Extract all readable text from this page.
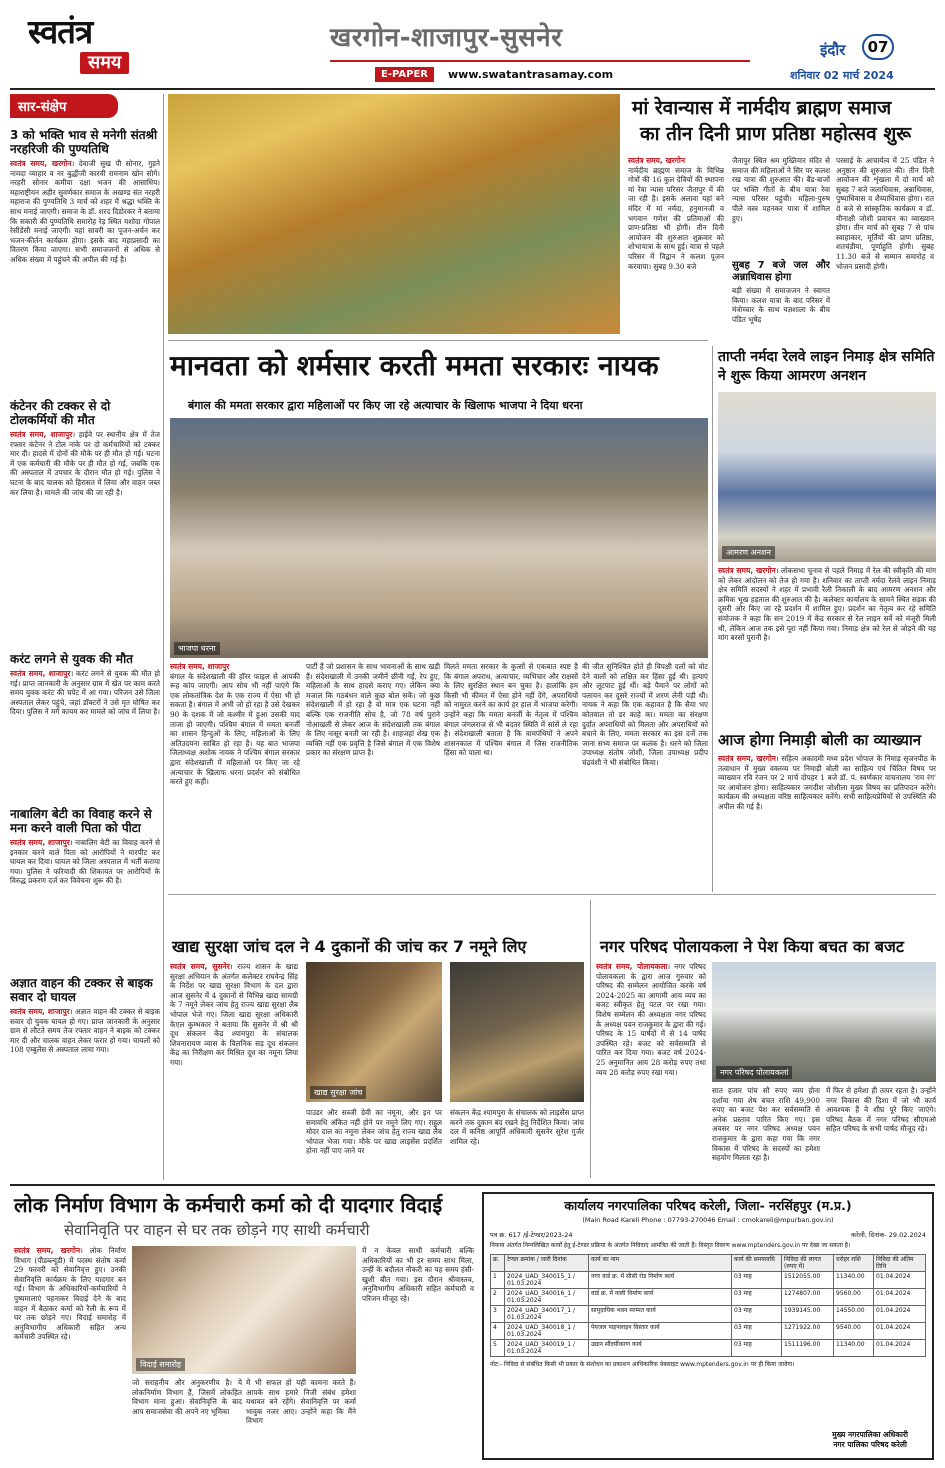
स्वतंत्र
समय
खरगोन-शाजापुर-सुसनेर
E-PAPER	www.swatantrasamay.com
इंदौर	07
शनिवार 02 मार्च 2024
सार-संक्षेप
3 को भक्ति भाव से मनेगी संतश्री नरहरिजी की पुण्यतिथि
स्वतंत्र समय, खरगोन। देवाजी सुख पी सोनार, गुड़ने नामदा व्याहार व नर बुद्धीजी कारवी रामनाम खोन सोगे। नरहरी सोनार कमीया दक्षा भजन की आसाधिय। महाराष्ट्रीयन अहीर सुवर्णकार समाज के अखण्ड संत नरहरी महाराज की पुण्यतिथि 3 मार्च को शहर में श्रद्धा भक्ति के साथ मनाई जाएगी। समाज के डॉ. शरद दिडोरकर ने बताया कि सकारी की पुण्यतिथि समारोह रेड़ स्थित यशोदा गोपाल रेसीडेंसी मनाई जाएगी। यहां सावरी का पूजन-अर्चन कर भजन-कीर्तन कार्यक्रम होगा। इसके बाद महाप्रसादी का वितरण किया जाएगा। सभी समाजजनों से अधिक से अधिक संख्या में पहुंचने की अपील की गई है।
कंटेनर की टक्कर से दो टोलकर्मियों की मौत
स्वतंत्र समय, शाजापुर। हाईवे पर स्थानीय क्षेत्र में तेज रफ्तार कंटेनर ने टोल नाके पर दो कर्मचारियों को टक्कर मार दी। हादसे में दोनों की मौके पर ही मौत हो गई। घटना में एक कर्मचारी की मौके पर ही मौत हो गई, जबकि एक की अस्पताल में उपचार के दौरान मौत हो गई। पुलिस ने घटना के बाद चालक को हिरासत में लिया और वाहन जब्त कर लिया है। मामले की जांच की जा रही है।
करंट लगने से युवक की मौत
स्वतंत्र समय, शाजापुर। करंट लगने से युवक की मौत हो गई। प्राप्त जानकारी के अनुसार ग्राम में खेत पर काम करते समय युवक करंट की चपेट में आ गया। परिजन उसे जिला अस्पताल लेकर पहुंचे, जहां डॉक्टरों ने उसे मृत घोषित कर दिया। पुलिस ने मर्ग कायम कर मामले को जांच में लिया है।
नाबालिग बेटी का विवाह करने से मना करने वाली पिता को पीटा
स्वतंत्र समय, शाजापुर। नाबालिग बेटी का विवाह करने से इनकार करने वाले पिता को आरोपियों ने मारपीट कर घायल कर दिया। घायल को जिला अस्पताल में भर्ती कराया गया। पुलिस ने फरियादी की शिकायत पर आरोपियों के विरुद्ध प्रकरण दर्ज कर विवेचना शुरू की है।
अज्ञात वाहन की टक्कर से बाइक सवार दो घायल
स्वतंत्र समय, शाजापुर। अज्ञात वाहन की टक्कर से बाइक सवार दो युवक घायल हो गए। प्राप्त जानकारी के अनुसार ग्राम से लौटते समय तेज रफ्तार वाहन ने बाइक को टक्कर मार दी और चालक वाहन लेकर फरार हो गया। घायलों को 108 एम्बुलेंस से अस्पताल लाया गया।
मां रेवान्यास में नार्मदीय ब्राह्मण समाज
का तीन दिनी प्राण प्रतिष्ठा महोत्सव शुरू
स्वतंत्र समय, खरगोन
नार्मदीय ब्राह्मण समाज के विभिन्न गोत्रों की 16 कुल देवियों की स्थापना मां रेवा न्यास परिसर जैतापुर में की जा रही है। इसके अलावा यहां बने मंदिर में मां नर्मदा, हनुमानजी व भगवान गणेश की प्रतिमाओं की प्राण-प्रतिष्ठा भी होगी। तीन दिनी आयोजन की शुरुआत शुक्रवार को शोभायात्रा के साथ हुई। यात्रा से पहले परिसर में विद्वान ने कलश पूजन करवाया। सुबह 9.30 बजे
जैतापुर स्थित श्रम मुख्तियार मंदिर से समाज की महिलाओं ने सिर पर कलश रख यात्रा की शुरुआत की। बैंड-बाजों पर भक्ति गीतों के बीच यात्रा रेवा न्यास परिसर पहुंची। महिला-पुरुष पीले वस्त्र पहनकर यात्रा में शामिल हुए।
सुबह 7 बजे जल और अन्नाधिवास होगा
बड़ी संख्या में समाजजन ने स्वागत किया। कलश यात्रा के बाद परिसर में मंत्रोच्चार के साथ यज्ञशाला के बीच पंडित भूषेंद्र
परसाई के आचार्यत्व में 25 पंडित ने अनुष्ठान की शुरुआत की। तीन दिनी आयोजन की शृंखला में दो मार्च को सुबह 7 बजे जलाधिवास, अन्नाधिवास, पुष्पाधिवास व शैय्याधिवास होगा। रात 8 बजे से सांस्कृतिक कार्यक्रम व डॉ. मीनाक्षी जोशी प्रवाचन का व्याख्यान होगा। तीन मार्च को सुबह 7 से पांच स्वाहाकार, मूर्तियों की प्राण प्रतिष्ठा, शतचंडीया, पूर्णाहुति होगी। सुबह 11.30 बजे से सम्मान समारोह व भोजन प्रसादी होगी।
मानवता को शर्मसार करती ममता सरकारः नायक
बंगाल की ममता सरकार द्वारा महिलाओं पर किए जा रहे अत्याचार के खिलाफ भाजपा ने दिया धरना
भाजपा धरना
स्वतंत्र समय, शाजापुर
बंगाल के संदेशखाली की हॉरर फाइल से आपकी रूह कांप जाएगी। आप सोच भी नहीं पाएंगे कि एक लोकतांत्रिक देश के एक राज्य में ऐसा भी हो सकता है। बंगाल में अभी जो हो रहा है उसे देखकर 90 के दशक में जो कश्मीर में हुआ उसकी याद ताजा हो जाएगी। पश्चिम बंगाल में ममता बनर्जी का शासन हिन्दुओं के लिए, महिलाओं के लिए अतिउदयना साबित हो रहा है। यह बात भाजपा जिलाध्यक्ष अशोक नायक ने पश्चिम बंगाल सरकार द्वारा संदेशखाली में महिलाओं पर किए जा रहे अत्याचार के खिलाफ धरना प्रदर्शन को संबोधित करते हुए कही।
पार्टी हैं जो प्रशासन के साथ भावनाओं के साथ खड़ी हैं। संदेशखाली में उनकी जमीनें छीनी गईं, रेप हुए, महिलाओं के साथ हादसे कराए गए। लेकिन क्या मजाल कि गठबंधन वाले कुछ बोल सकें। जो कुछ संदेशखाली में हो रहा है वो मात्र एक घटना नहीं बल्कि एक राजनीति सोच है, जो 78 वर्ष पुराने नोआखली से लेकर आज के संदेशखाली तक बंगाल के लिए नासूर बनती जा रही है। शाहजहां शेख एक व्यक्ति नहीं एक प्रवृत्ति है जिसे बंगाल में एक विशेष प्रकार का संरक्षण प्राप्त है।
मिलते ममता सरकार के कुत्सों से एकबात स्पष्ट है कि बंगाल अपराध, अत्याचार, व्यभिचार और राक्षसों के लिए सुरक्षित स्थान बन चुका है। हालांकि हम किसी भी कीमत में ऐसा होने नहीं देंगे, अपराधियों को नामुरत करने का कार्य हर हाल में भाजपा करेगी। उन्होंने कहा कि ममता बनर्जी के नेतृत्व में पश्चिम बंगाल जंगलराज से भी बदतर स्थिति में सांसें ले रहा है। संदेशखाली बताता है कि वामपंथियों ने अपने शासनकाल में पश्चिम बंगाल में जिस राजनीतिक हिंसा को पाला था।
की जीत सुनिश्चित होते ही विपक्षी दलों को वोट देने वालों को लक्षित कर हिंसा हुई थी। हत्याएं और लूटपाट हुई थीं। बड़े पैमाने पर लोगों को पलायन कर दूसरे राज्यों में शरण लेनी पड़ी थी। नायक ने कहा कि एक कहावत है कि सैया भए कोतवाल तो डर काहे का। ममता का संरक्षण दुर्दांत अपराधियों को मिलता और अपराधियों को बचाने के लिए, ममता सरकार का इस दर्जे तक जाना सभ्य समाज पर कलंक है। धरने को जिला उपाध्यक्ष संतोष जोशी, जिला उपाध्यक्ष प्रदीप चंद्रवंशी ने भी संबोधित किया।
ताप्ती नर्मदा रेलवे लाइन निमाड़ क्षेत्र समिति ने शुरू किया आमरण अनशन
आमरण अनशन
स्वतंत्र समय, खरगोन। लोकसभा चुनाव से पहले निमाड़ में रेल की स्वीकृति की मांग को लेकर आंदोलन को तेज हो गया है। शनिवार का ताप्ती नर्मदा रेलवे लाइन निमाड़ क्षेत्र समिति सदस्यों ने शहर में प्रभावी रैली निकाली के बाद आमरण अनशन और क्रमिक भूख हड़ताल की शुरुआत की है। कलेक्टर कार्यालय के सामने स्थित सड़क की दूसरी ओर किए जा रहे प्रदर्शन में शामिल हुए। प्रदर्शन का नेतृत्व कर रहे समिति संयोजक ने कहा कि सन 2019 में केंद्र सरकार से रेल लाइन सर्वे को मंजूरी मिली थी, लेकिन आज तक इसे पूरा नहीं किया गया। निमाड़ क्षेत्र को रेल से जोड़ने की यह मांग बरसों पुरानी है।
आज होगा निमाड़ी बोली का व्याख्यान
स्वतंत्र समय, खरगोन। सहित्य अकादमी मध्य प्रदेश भोपाल के निमाड़ सृजनपीठ के तत्वाधान में मुख्य वक्तव्य पर निमाड़ी बोली का साहित्य एवं चिंतित विषय पर व्याख्यान रवि रंजन पर 2 मार्च दोपहर 1 बजे डॉ. पं. स्वर्णकार वाचनालय 'राम रंग' पर आयोजन होगा। साहित्यकार जगदीश जोशीला मुख्य विषय का प्रतिपादन करेंगे। कार्यक्रम की अध्यक्षता वरिष्ठ साहित्यकार करेंगे। सभी साहित्यप्रेमियों से उपस्थिति की अपील की गई है।
खाद्य सुरक्षा जांच दल ने 4 दुकानों की जांच कर 7 नमूने लिए
स्वतंत्र समय, सुसनेर। राज्य शासन के खाद्य सुरक्षा अभियान के अंतर्गत कलेक्टर राघवेन्द्र सिंह के निर्देश पर खाद्य सुरक्षा विभाग के दल द्वारा आज सुसनेर में 4 दुकानों से विभिन्न खाद्य सामग्री के 7 नमूने लेकर जांच हेतु राज्य खाद्य सुरक्षा लैब भोपाल भेजे गए। जिला खाद्य सुरक्षा अधिकारी केएल कुम्भकार ने बताया कि सुसनेर में श्री श्री दूध संकलन केंद्र श्यामपुरा के संचालक शिवनारायण व्यास के विलनिक सड़ दूध संकलन केंद्र का निरीक्षण कर मिश्रित दूध का नमूना लिया गया।
खाद्य सुरक्षा जांच
पाउडर और सब्जी ग्रेवी का नमूना, और इन पर समावधि अंकित नहीं होने पर नमूने लिए गए। राहुल मोदर दाल का नमूना लेकर जांच हेतु राज्य खाद्य लैब भोपाल भेजा गया। मौके पर खाद्य लाइसेंस प्रदर्शित होना नहीं पाए जाने पर
संकलन केंद्र श्यामपुरा के संचालक को लाइसेंस प्राप्त करने तक दुकान बंद रखने हेतु निर्देशित किया। जांच दल में कनिष्ठ आपूर्ति अधिकारी सुसनेर सुरेश गुर्जर शामिल रहे।
नगर परिषद पोलायकला ने पेश किया बचत का बजट
स्वतंत्र समय, पोलायकला। नगर परिषद पोलायकला के द्वारा आज गुरुवार को परिषद की सम्मेलन आयोजित करके वर्ष 2024-2025 का आगामी आय व्यय का बजट स्वीकृत हेतु पटल पर रखा गया। विशेष सम्मेलन की अध्यक्षता नगर परिषद के अध्यक्ष पवन राजकुमार के द्वारा की गई। परिषद के 15 पार्षदों में से 14 पार्षद उपस्थित रहे। बजट को सर्वसम्मति से पारित कर दिया गया। बजट वर्ष 2024-25 अनुमानित आय 28 करोड़ रुपए तथा व्यय 28 करोड़ रुपए रखा गया।	नगर परिषद पोलायकलां
सात हजार पांच सौ रुपए व्यय होना दर्शाया गया शेष बचत राशि 49,900 रुपए का बजट पेश कर सर्वसम्मति से अनेक प्रस्ताव पारित किए गए। इस अवसर पर नगर परिषद अध्यक्ष पवन राजकुमार के द्वारा कहा गया कि नगर विकास में परिषद के सदस्यों का हमेशा सहयोग मिलता रहा है।
में फिर से हमेशा ही तत्पर रहता है। उन्होंने नगर विकास की दिशा में जो भी कार्य आवश्यक हैं वे शीघ्र पूरे किए जाएंगे। परिषद बैठक में नगर परिषद सीएमओ सहित परिषद के सभी पार्षद मौजूद रहे।
लोक निर्माण विभाग के कर्मचारी कर्मा को दी यादगार विदाई
सेवानिवृति पर वाहन से घर तक छोड़ने गए साथी कर्मचारी
स्वतंत्र समय, खरगोन। लोक निर्माण विभाग (पीडब्ल्यूडी) में पदस्थ संतोष कर्मा 29 फरवरी को सेवानिवृत्त हुए। उनकी सेवानिवृत्ति कार्यक्रम के लिए यादगार बन गई। विभाग के अधिकारियों-कर्मचारियों ने पुष्पमालाएं पहनाकर विदाई देने के बाद वाहन में बैठाकर कर्मा को रैली के रूप में घर तक छोड़ने गए। विदाई समारोह में अनुविभागीय अधिकारी सहित अन्य कर्मचारी उपस्थित रहे।
विदाई समारोह
जो सराहनीय और अनुकरणीय है। ये लोकनिर्माण विभाग हैं, जिसमें लोकहित विभाग माना हुआ। सेवानिवृत्ति के बाद आप समाजसेवा की अपने नए भूमिका
में भी सफल हो यही कामना करते हैं। आपके साथ हमारे निजी संबंध हमेशा यथावत बने रहेंगे। सेवानिवृत्ति पर कर्मा भावुक नजर आए। उन्होंने कहा कि मैंने विभाग
में न केवल साथी कर्मचारी बल्कि अधिकारियों का भी हर समय साथ मिला, उन्हीं के बदौलत नौकरी का यह समय हंसी-खुशी बीत गया। इस दौरान श्रीवास्तव, अनुविभागीय अधिकारी सहित कर्मचारी व परिजन मौजूद रहे।
कार्यालय नगरपालिका परिषद करेली, जिला- नरसिंहपुर (म.प्र.)
(Main Road Kareli Phone : 07793-270046 Email : cmokareli@mpurban.gov.in)
पत्र क्र. 617 /ई-टेण्डर/2023-24	करेली, दिनांक- 29.02.2024
निकाय अंतर्गत निम्नलिखित कार्यों हेतु ई-टेण्डर प्रक्रिया के अंतर्गत निविदाएं आमंत्रित की जाती हैं। विस्तृत विवरण www.mptenders.gov.in पर देखा जा सकता है।
क्र.	टेण्डर क्रमांक / जारी दिनांक	कार्य का नाम	कार्य की समयावधि	निविदा की लागत (रुपए में)	धरोहर राशि	निविदा की अंतिम तिथि
1	2024_UAD_340015_1 / 01.03.2024	नगर वार्ड क्र. में सीसी रोड निर्माण कार्य	03 माह	1512055.00	11340.00	01.04.2024
2	2024_UAD_340016_1 / 01.03.2024	वार्ड क्र. में नाली निर्माण कार्य	03 माह	1274807.00	9560.00	01.04.2024
3	2024_UAD_340017_1 / 01.03.2024	सामुदायिक भवन मरम्मत कार्य	03 माह	1939145.00	14550.00	01.04.2024
4	2024_UAD_340018_1 / 01.03.2024	पेयजल पाइपलाइन विस्तार कार्य	03 माह	1271922.00	9540.00	01.04.2024
5	2024_UAD_340019_1 / 01.03.2024	उद्यान सौंदर्यीकरण कार्य	03 माह	1511196.00	11340.00	01.04.2024
नोट:- निविदा से संबंधित किसी भी प्रकार के संशोधन का प्रकाशन आधिकारिक वेबसाइट www.mptenders.gov.in पर ही किया जावेगा।
मुख्य नगरपालिका अधिकारी
नगर पालिका परिषद करेली
